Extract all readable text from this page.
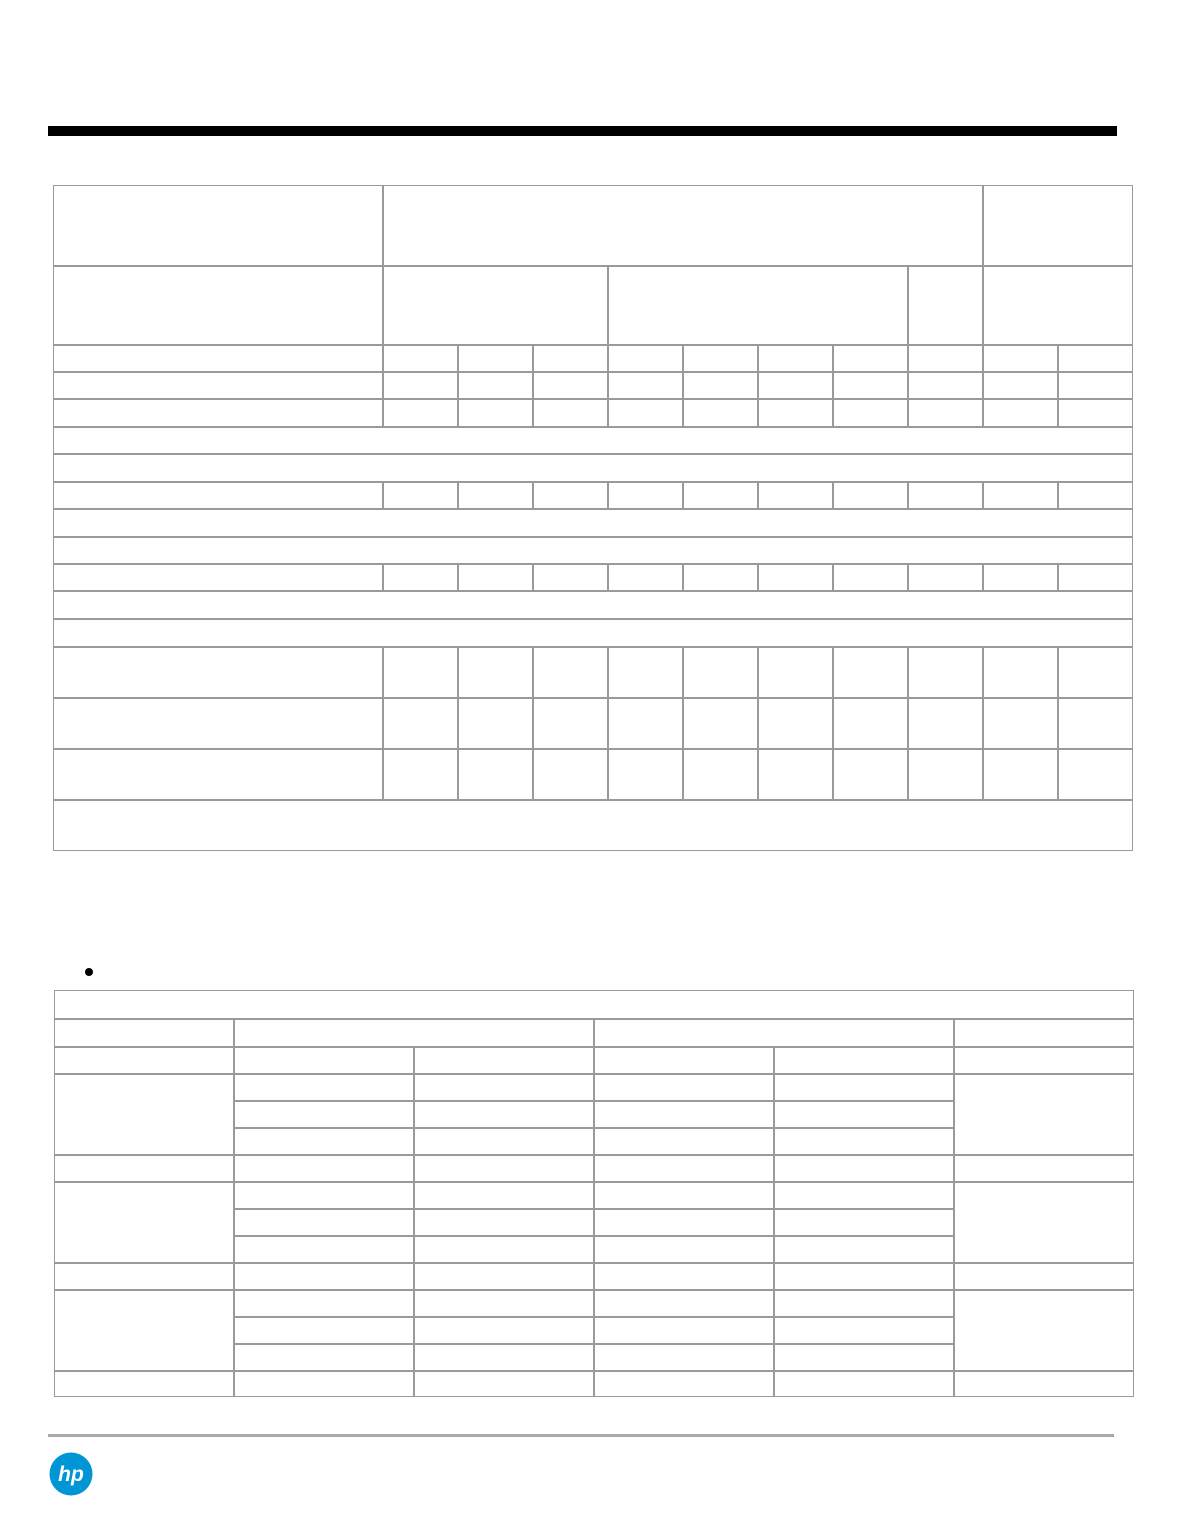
hp
